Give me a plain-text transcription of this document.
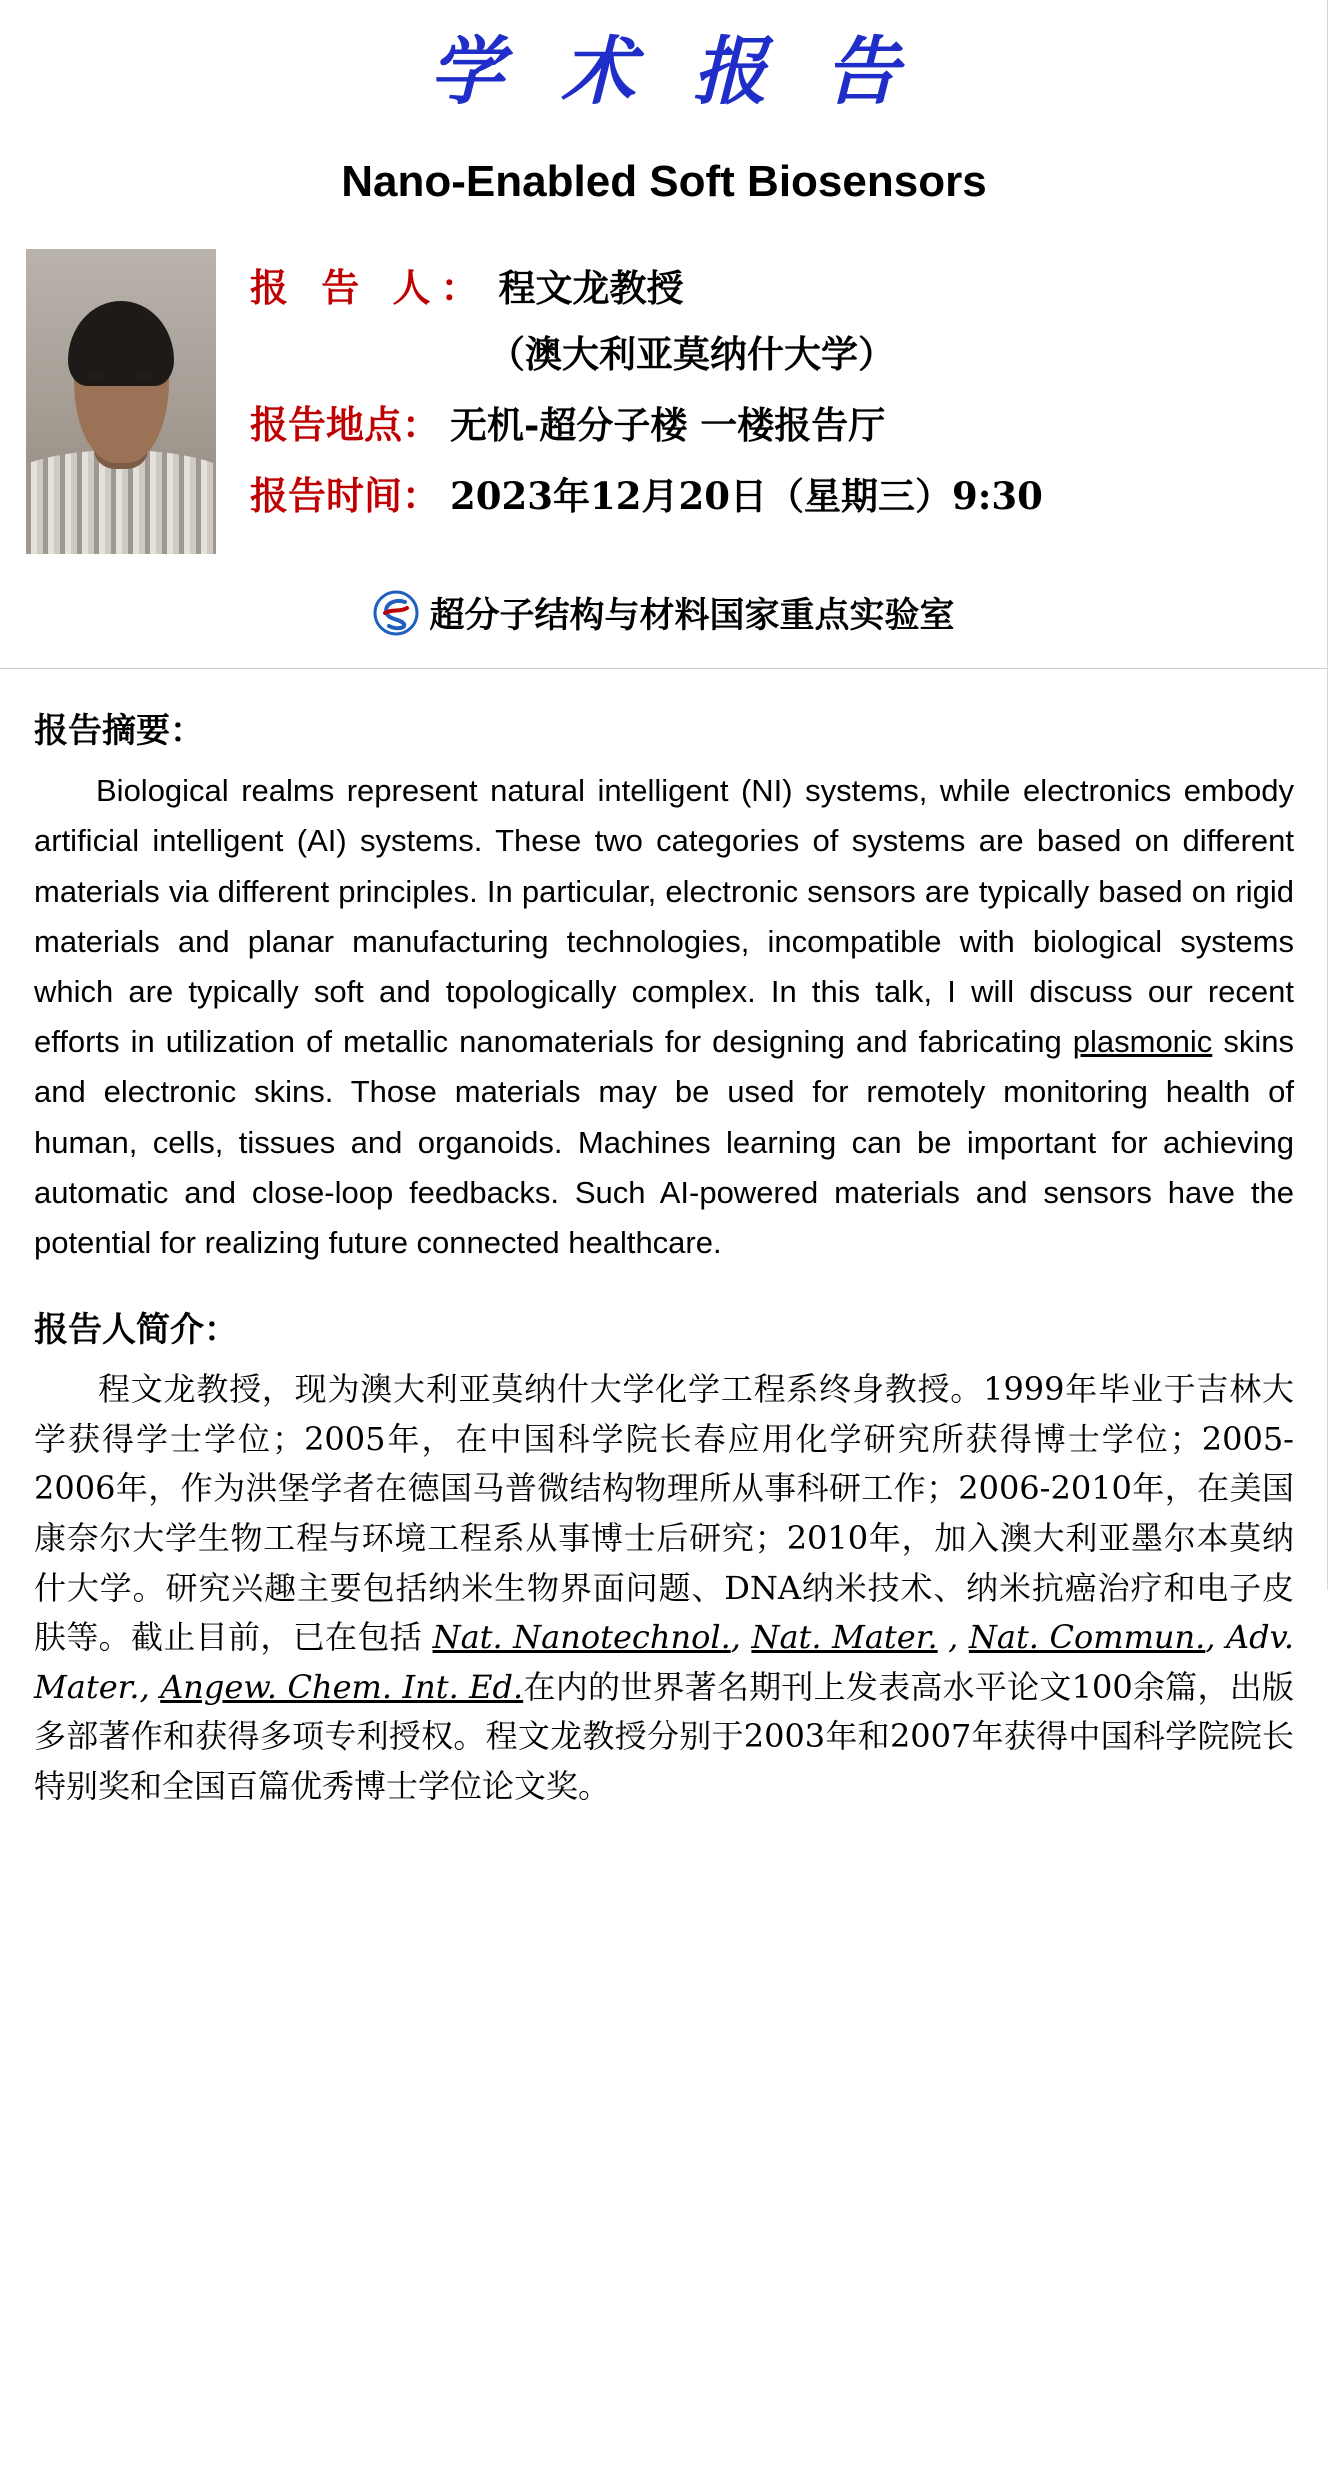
学 术 报 告
Nano-Enabled Soft Biosensors
报 告 人： 程文龙教授
（澳大利亚莫纳什大学）
报告地点： 无机-超分子楼 一楼报告厅
报告时间： 2023年12月20日（星期三）9:30
超分子结构与材料国家重点实验室
报告摘要：
Biological realms represent natural intelligent (NI) systems, while electronics embody artificial intelligent (AI) systems. These two categories of systems are based on different materials via different principles. In particular, electronic sensors are typically based on rigid materials and planar manufacturing technologies, incompatible with biological systems which are typically soft and topologically complex. In this talk, I will discuss our recent efforts in utilization of metallic nanomaterials for designing and fabricating plasmonic skins and electronic skins. Those materials may be used for remotely monitoring health of human, cells, tissues and organoids. Machines learning can be important for achieving automatic and close-loop feedbacks. Such AI-powered materials and sensors have the potential for realizing future connected healthcare.
报告人简介：
程文龙教授，现为澳大利亚莫纳什大学化学工程系终身教授。1999年毕业于吉林大学获得学士学位；2005年，在中国科学院长春应用化学研究所获得博士学位；2005-2006年，作为洪堡学者在德国马普微结构物理所从事科研工作；2006-2010年，在美国康奈尔大学生物工程与环境工程系从事博士后研究；2010年，加入澳大利亚墨尔本莫纳什大学。研究兴趣主要包括纳米生物界面问题、DNA纳米技术、纳米抗癌治疗和电子皮肤等。截止目前，已在包括 Nat. Nanotechnol., Nat. Mater. , Nat. Commun., Adv. Mater., Angew. Chem. Int. Ed.在内的世界著名期刊上发表高水平论文100余篇，出版多部著作和获得多项专利授权。程文龙教授分别于2003年和2007年获得中国科学院院长特别奖和全国百篇优秀博士学位论文奖。
